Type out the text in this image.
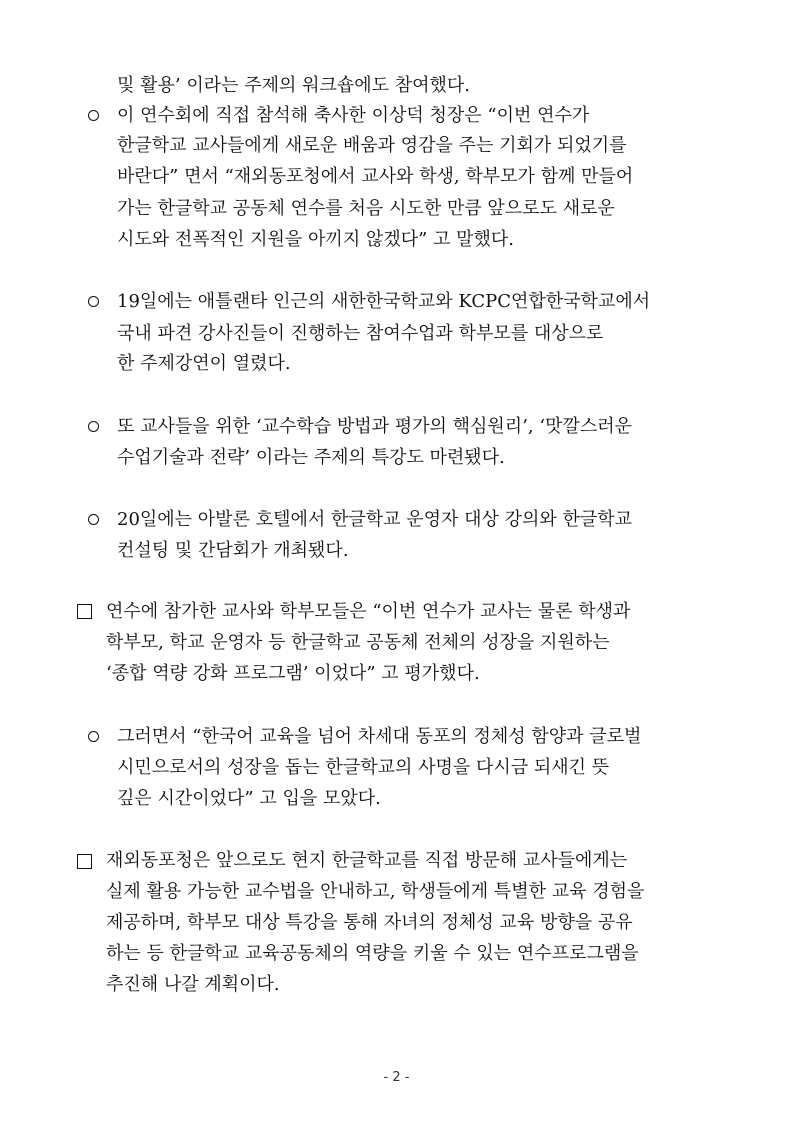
및 활용’ 이라는 주제의 워크숍에도 참여했다.
이 연수회에 직접 참석해 축사한 이상덕 청장은 “이번 연수가
한글학교 교사들에게 새로운 배움과 영감을 주는 기회가 되었기를
바란다” 면서 “재외동포청에서 교사와 학생, 학부모가 함께 만들어
가는 한글학교 공동체 연수를 처음 시도한 만큼 앞으로도 새로운
시도와 전폭적인 지원을 아끼지 않겠다” 고 말했다.
19일에는 애틀랜타 인근의 새한한국학교와 KCPC연합한국학교에서
국내 파견 강사진들이 진행하는 참여수업과 학부모를 대상으로
한 주제강연이 열렸다.
또 교사들을 위한 ‘교수학습 방법과 평가의 핵심원리’, ‘맛깔스러운
수업기술과 전략’ 이라는 주제의 특강도 마련됐다.
20일에는 아발론 호텔에서 한글학교 운영자 대상 강의와 한글학교
컨설팅 및 간담회가 개최됐다.
연수에 참가한 교사와 학부모들은 “이번 연수가 교사는 물론 학생과
학부모, 학교 운영자 등 한글학교 공동체 전체의 성장을 지원하는
‘종합 역량 강화 프로그램’ 이었다” 고 평가했다.
그러면서 “한국어 교육을 넘어 차세대 동포의 정체성 함양과 글로벌
시민으로서의 성장을 돕는 한글학교의 사명을 다시금 되새긴 뜻
깊은 시간이었다” 고 입을 모았다.
재외동포청은 앞으로도 현지 한글학교를 직접 방문해 교사들에게는
실제 활용 가능한 교수법을 안내하고, 학생들에게 특별한 교육 경험을
제공하며, 학부모 대상 특강을 통해 자녀의 정체성 교육 방향을 공유
하는 등 한글학교 교육공동체의 역량을 키울 수 있는 연수프로그램을
추진해 나갈 계획이다.
- 2 -
